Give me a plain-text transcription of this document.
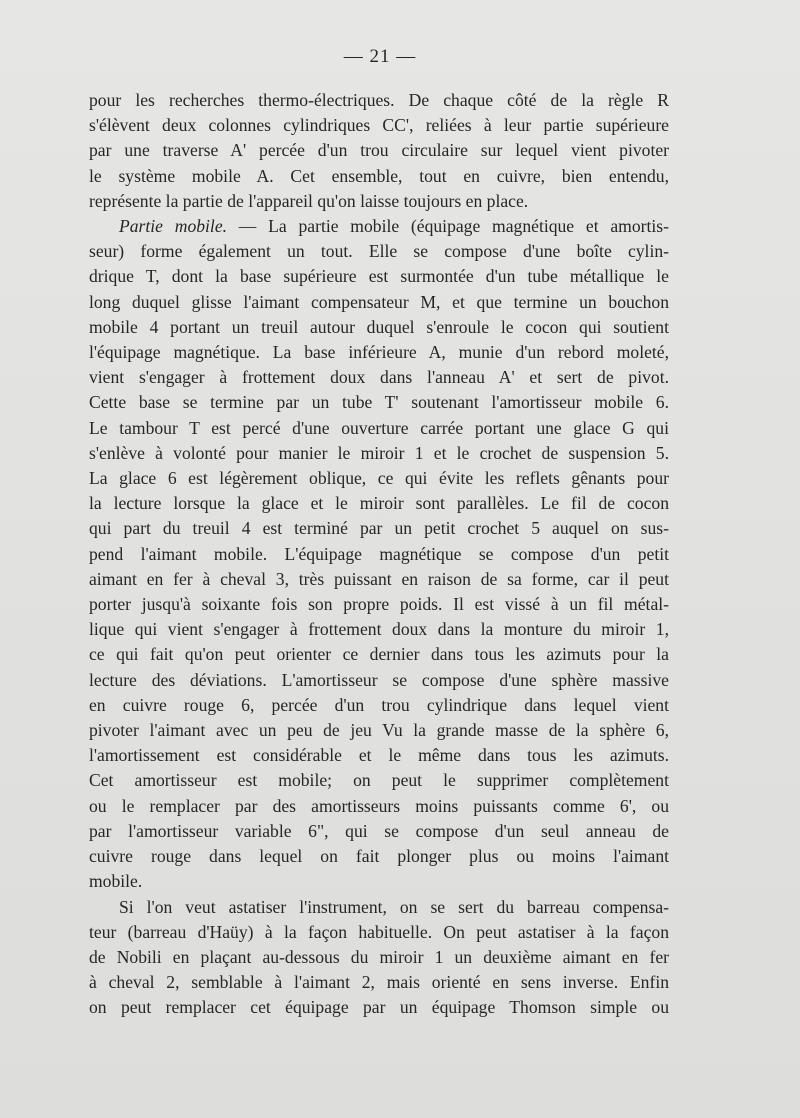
— 21 —
pour les recherches thermo-électriques. De chaque côté de la règle R
s'élèvent deux colonnes cylindriques CC', reliées à leur partie supérieure
par une traverse A' percée d'un trou circulaire sur lequel vient pivoter
le système mobile A. Cet ensemble, tout en cuivre, bien entendu,
représente la partie de l'appareil qu'on laisse toujours en place.
Partie mobile. — La partie mobile (équipage magnétique et amortis-
seur) forme également un tout. Elle se compose d'une boîte cylin-
drique T, dont la base supérieure est surmontée d'un tube métallique le
long duquel glisse l'aimant compensateur M, et que termine un bouchon
mobile 4 portant un treuil autour duquel s'enroule le cocon qui soutient
l'équipage magnétique. La base inférieure A, munie d'un rebord moleté,
vient s'engager à frottement doux dans l'anneau A' et sert de pivot.
Cette base se termine par un tube T' soutenant l'amortisseur mobile 6.
Le tambour T est percé d'une ouverture carrée portant une glace G qui
s'enlève à volonté pour manier le miroir 1 et le crochet de suspension 5.
La glace 6 est légèrement oblique, ce qui évite les reflets gênants pour
la lecture lorsque la glace et le miroir sont parallèles. Le fil de cocon
qui part du treuil 4 est terminé par un petit crochet 5 auquel on sus-
pend l'aimant mobile. L'équipage magnétique se compose d'un petit
aimant en fer à cheval 3, très puissant en raison de sa forme, car il peut
porter jusqu'à soixante fois son propre poids. Il est vissé à un fil métal-
lique qui vient s'engager à frottement doux dans la monture du miroir 1,
ce qui fait qu'on peut orienter ce dernier dans tous les azimuts pour la
lecture des déviations. L'amortisseur se compose d'une sphère massive
en cuivre rouge 6, percée d'un trou cylindrique dans lequel vient
pivoter l'aimant avec un peu de jeu Vu la grande masse de la sphère 6,
l'amortissement est considérable et le même dans tous les azimuts.
Cet amortisseur est mobile; on peut le supprimer complètement
ou le remplacer par des amortisseurs moins puissants comme 6', ou
par l'amortisseur variable 6", qui se compose d'un seul anneau de
cuivre rouge dans lequel on fait plonger plus ou moins l'aimant
mobile.
Si l'on veut astatiser l'instrument, on se sert du barreau compensa-
teur (barreau d'Haüy) à la façon habituelle. On peut astatiser à la façon
de Nobili en plaçant au-dessous du miroir 1 un deuxième aimant en fer
à cheval 2, semblable à l'aimant 2, mais orienté en sens inverse. Enfin
on peut remplacer cet équipage par un équipage Thomson simple ou
